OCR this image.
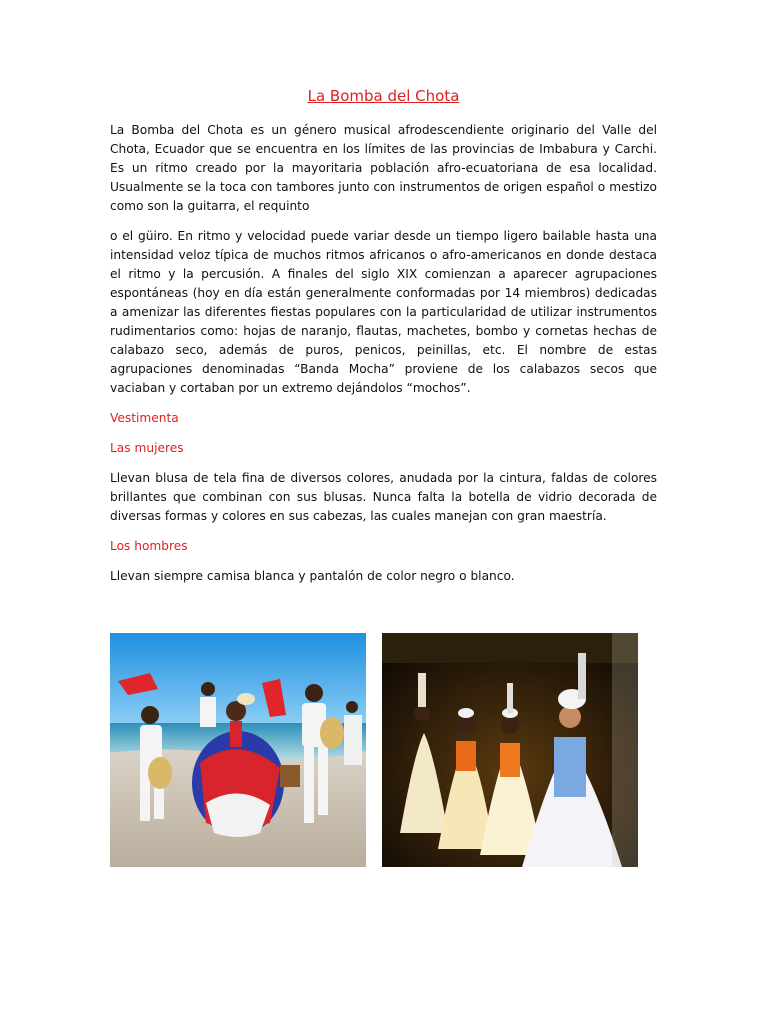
La Bomba del Chota

La Bomba del Chota es un género musical afrodescendiente originario del Valle del Chota, Ecuador que se encuentra en los límites de las provincias de Imbabura y Carchi. Es un ritmo creado por la mayoritaria población afro-ecuatoriana de esa localidad. Usualmente se la toca con tambores junto con instrumentos de origen español o mestizo como son la guitarra, el requinto

o el güiro. En ritmo y velocidad puede variar desde un tiempo ligero bailable hasta una intensidad veloz típica de muchos ritmos africanos o afro-americanos en donde destaca el ritmo y la percusión. A finales del siglo XIX comienzan a aparecer agrupaciones espontáneas (hoy en día están generalmente conformadas por 14 miembros) dedicadas a amenizar las diferentes fiestas populares con la particularidad de utilizar instrumentos rudimentarios como: hojas de naranjo, flautas, machetes, bombo y cornetas hechas de calabazo seco, además de puros, penicos, peinillas, etc. El nombre de estas agrupaciones denominadas “Banda Mocha” proviene de los calabazos secos que vaciaban y cortaban por un extremo dejándolos “mochos”.

Vestimenta

Las mujeres

Llevan blusa de tela fina de diversos colores, anudada por la cintura, faldas de colores brillantes que combinan con sus blusas. Nunca falta la botella de vidrio decorada de diversas formas y colores en sus cabezas, las cuales manejan con gran maestría.

Los hombres

Llevan siempre camisa blanca y pantalón de color negro o blanco.
